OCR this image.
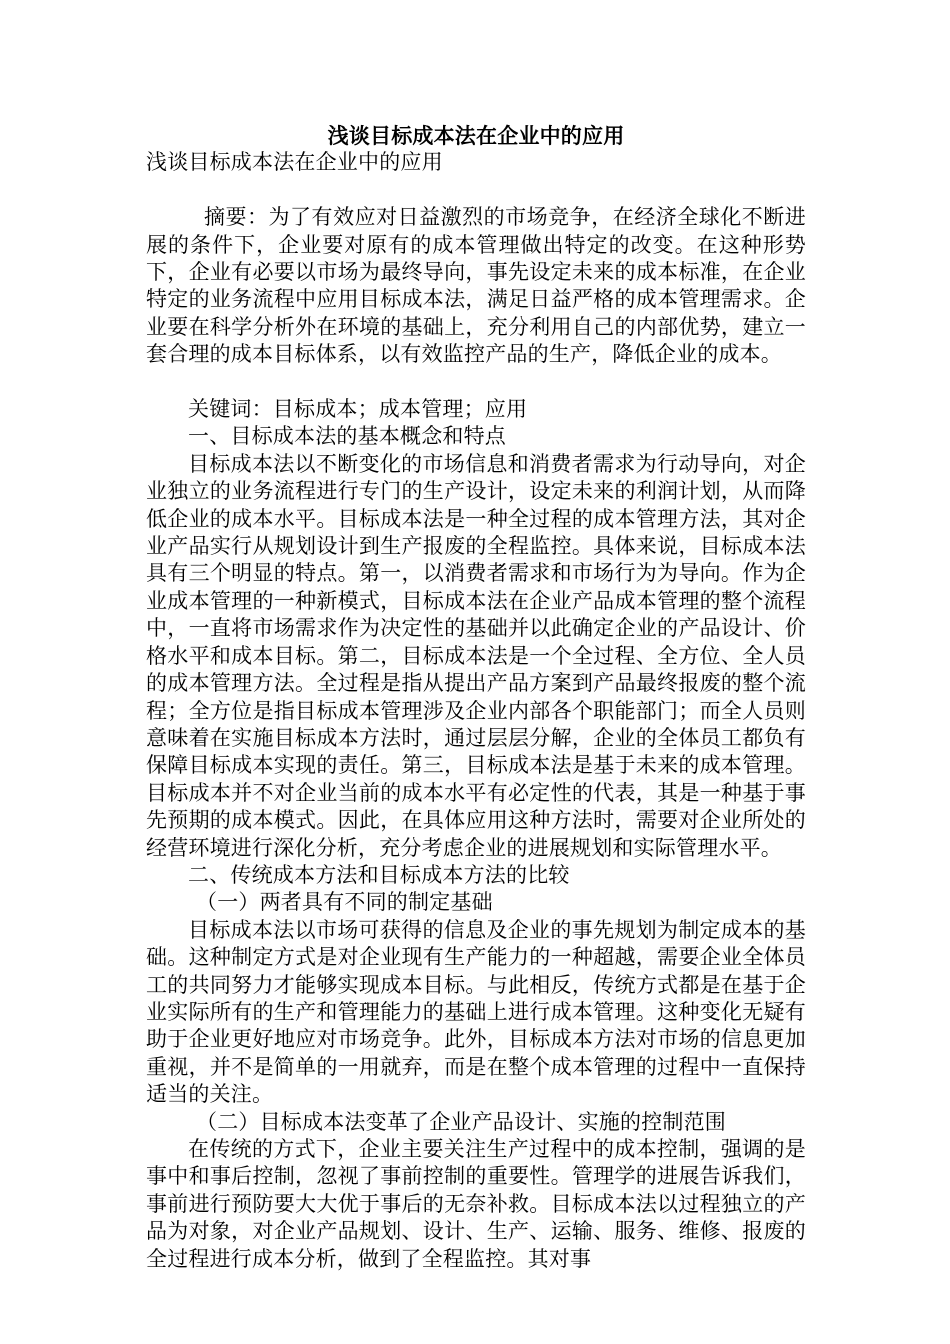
浅谈目标成本法在企业中的应用

浅谈目标成本法在企业中的应用

摘要：为了有效应对日益激烈的市场竞争，在经济全球化不断进展的条件下，企业要对原有的成本管理做出特定的改变。在这种形势下，企业有必要以市场为最终导向，事先设定未来的成本标准，在企业特定的业务流程中应用目标成本法，满足日益严格的成本管理需求。企业要在科学分析外在环境的基础上，充分利用自己的内部优势，建立一套合理的成本目标体系，以有效监控产品的生产，降低企业的成本。

关键词：目标成本；成本管理；应用

一、目标成本法的基本概念和特点

目标成本法以不断变化的市场信息和消费者需求为行动导向，对企业独立的业务流程进行专门的生产设计，设定未来的利润计划，从而降低企业的成本水平。目标成本法是一种全过程的成本管理方法，其对企业产品实行从规划设计到生产报废的全程监控。具体来说，目标成本法具有三个明显的特点。第一，以消费者需求和市场行为为导向。作为企业成本管理的一种新模式，目标成本法在企业产品成本管理的整个流程中，一直将市场需求作为决定性的基础并以此确定企业的产品设计、价格水平和成本目标。第二，目标成本法是一个全过程、全方位、全人员的成本管理方法。全过程是指从提出产品方案到产品最终报废的整个流程；全方位是指目标成本管理涉及企业内部各个职能部门；而全人员则意味着在实施目标成本方法时，通过层层分解，企业的全体员工都负有保障目标成本实现的责任。第三，目标成本法是基于未来的成本管理。目标成本并不对企业当前的成本水平有必定性的代表，其是一种基于事先预期的成本模式。因此，在具体应用这种方法时，需要对企业所处的经营环境进行深化分析，充分考虑企业的进展规划和实际管理水平。

二、传统成本方法和目标成本方法的比较

（一）两者具有不同的制定基础

目标成本法以市场可获得的信息及企业的事先规划为制定成本的基础。这种制定方式是对企业现有生产能力的一种超越，需要企业全体员工的共同努力才能够实现成本目标。与此相反，传统方式都是在基于企业实际所有的生产和管理能力的基础上进行成本管理。这种变化无疑有助于企业更好地应对市场竞争。此外，目标成本方法对市场的信息更加重视，并不是简单的一用就弃，而是在整个成本管理的过程中一直保持适当的关注。

（二）目标成本法变革了企业产品设计、实施的控制范围

在传统的方式下，企业主要关注生产过程中的成本控制，强调的是事中和事后控制，忽视了事前控制的重要性。管理学的进展告诉我们，事前进行预防要大大优于事后的无奈补救。目标成本法以过程独立的产品为对象，对企业产品规划、设计、生产、运输、服务、维修、报废的全过程进行成本分析，做到了全程监控。其对事
